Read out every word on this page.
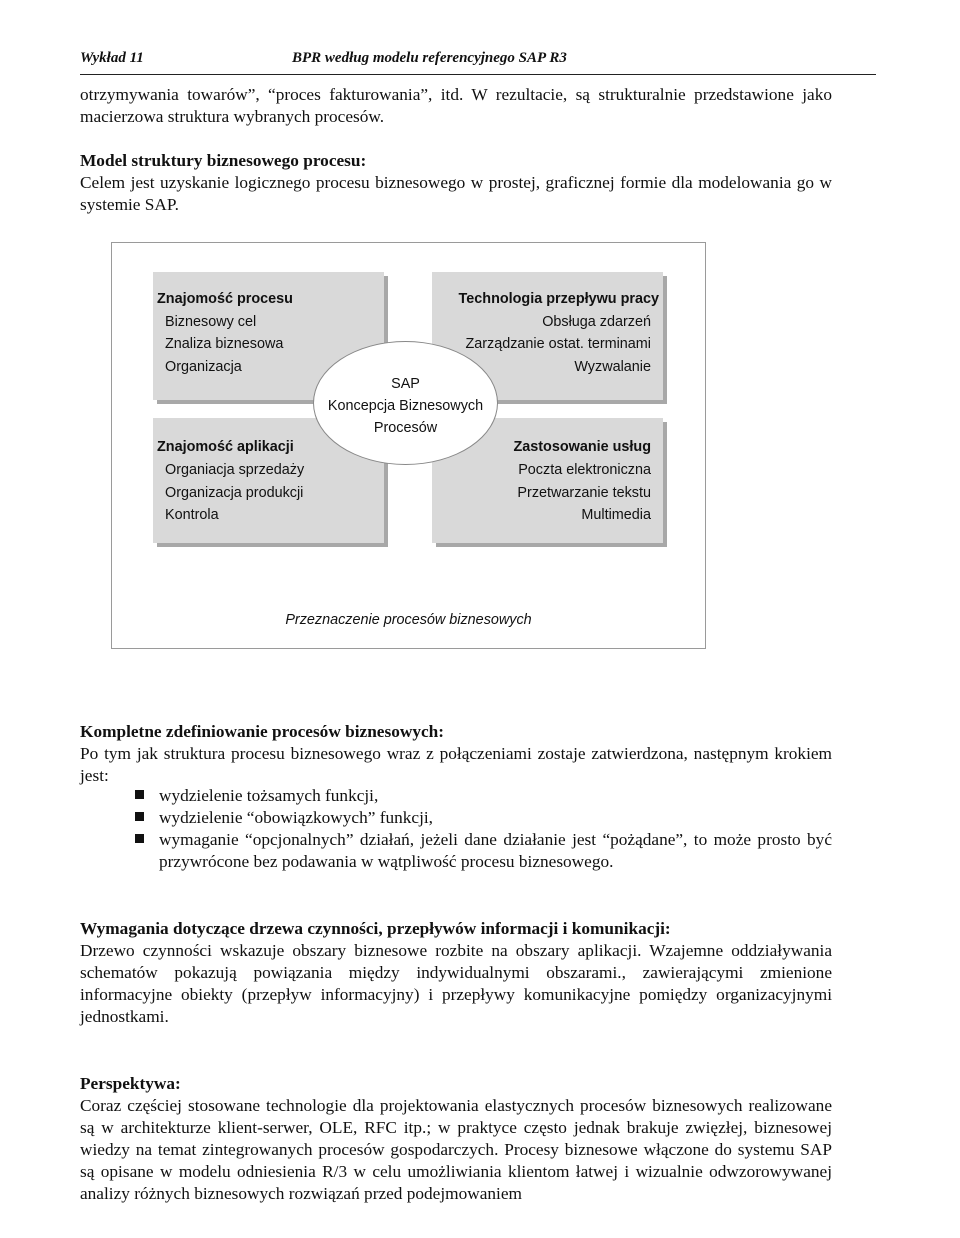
Wykład 11	BPR według modelu referencyjnego SAP R3

otrzymywania towarów”, “proces fakturowania”, itd. W rezultacie, są strukturalnie przedstawione jako macierzowa struktura wybranych procesów.

Model struktury biznesowego procesu:
Celem jest uzyskanie logicznego procesu biznesowego w prostej, graficznej formie dla modelowania go w systemie SAP.
Znajomość procesu
Biznesowy cel
Znaliza biznesowa
Organizacja
Technologia przepływu pracy
Obsługa zdarzeń
Zarządzanie ostat. terminami
Wyzwalanie
Znajomość aplikacji
Organiacja sprzedaży
Organizacja produkcji
Kontrola
Zastosowanie usług
Poczta elektroniczna
Przetwarzanie tekstu
Multimedia
SAP
Koncepcja Biznesowych
Procesów
Przeznaczenie procesów biznesowych
Kompletne zdefiniowanie procesów biznesowych:
Po tym jak struktura procesu biznesowego wraz z połączeniami zostaje zatwierdzona, następnym krokiem jest:
wydzielenie tożsamych funkcji,
wydzielenie “obowiązkowych” funkcji,
wymaganie “opcjonalnych” działań, jeżeli dane działanie jest “pożądane”, to może prosto być przywrócone bez podawania w wątpliwość procesu biznesowego.
Wymagania dotyczące drzewa czynności, przepływów informacji i komunikacji:
Drzewo czynności wskazuje obszary biznesowe rozbite na obszary aplikacji. Wzajemne oddziaływania schematów pokazują powiązania między indywidualnymi obszarami., zawierającymi zmienione informacyjne obiekty (przepływ informacyjny) i przepływy komunikacyjne pomiędzy organizacyjnymi jednostkami.
Perspektywa:
Coraz częściej stosowane technologie dla projektowania elastycznych procesów biznesowych realizowane są w architekturze klient-serwer, OLE, RFC itp.; w praktyce często jednak brakuje zwięzłej, biznesowej wiedzy na temat zintegrowanych procesów gospodarczych. Procesy biznesowe włączone do systemu SAP są opisane w modelu odniesienia R/3 w celu umożliwiania klientom łatwej i wizualnie odwzorowywanej analizy różnych biznesowych rozwiązań przed podejmowaniem
